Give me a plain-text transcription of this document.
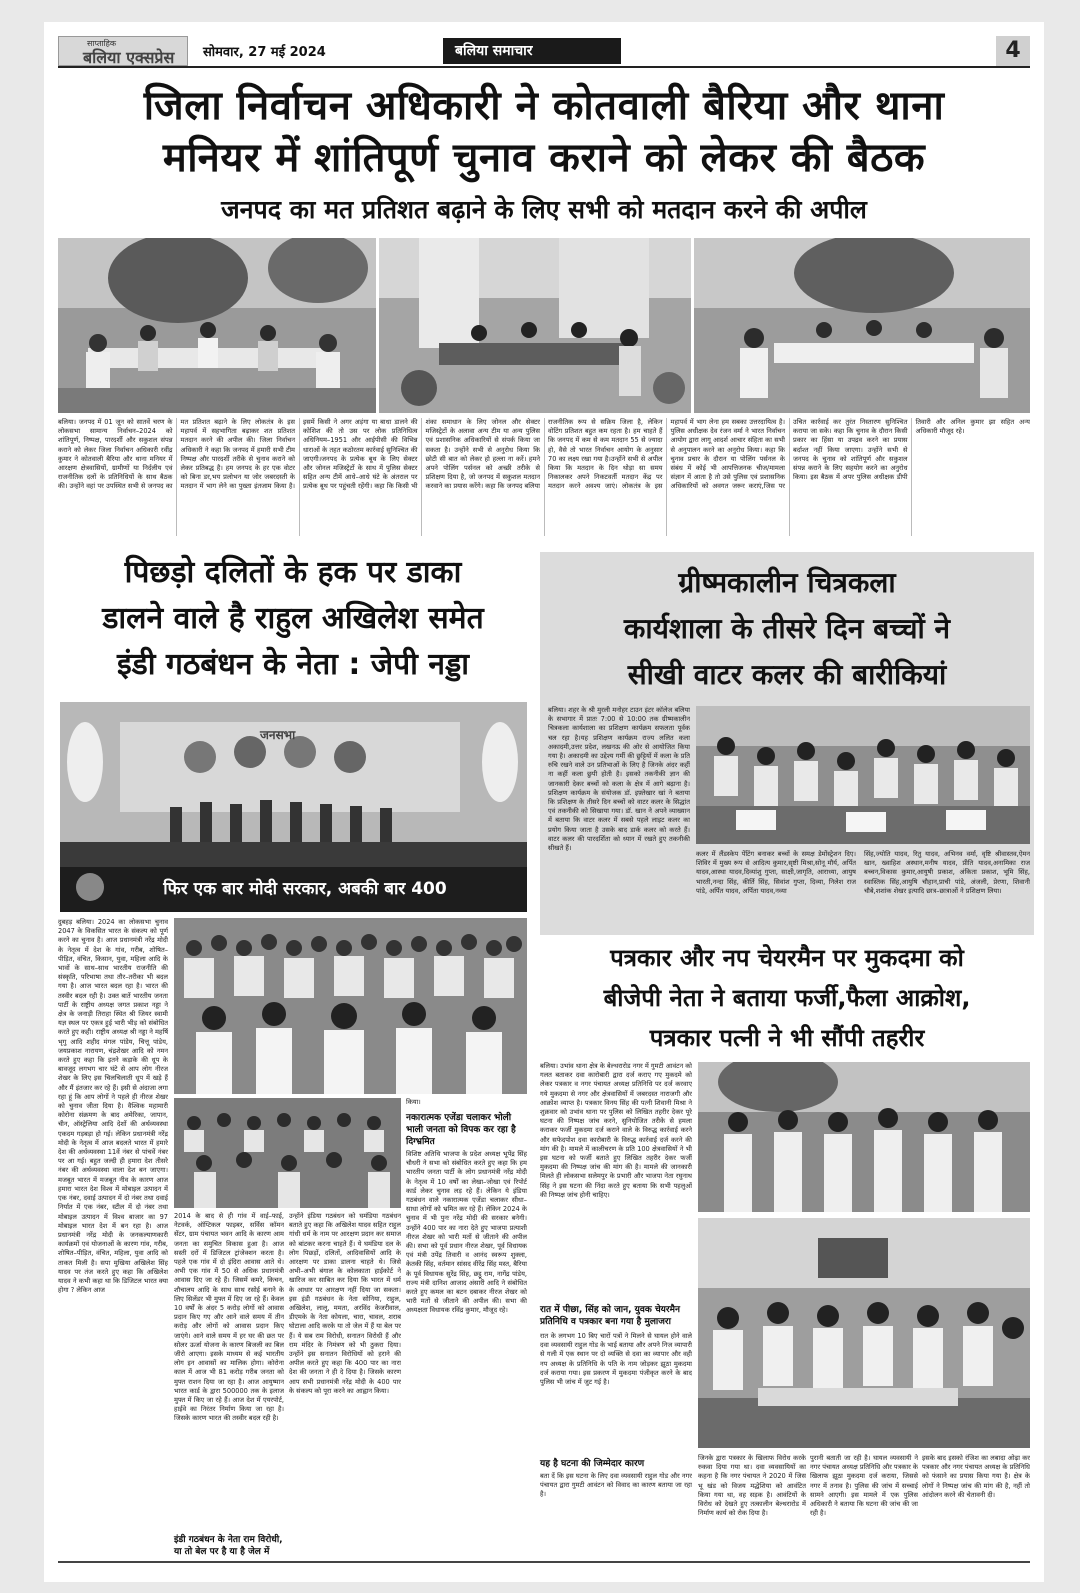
साप्ताहिक
बलिया एक्सप्रेस सोमवार, 27 मई 2024	बलिया समाचार	4
जिला निर्वाचन अधिकारी ने कोतवाली बैरिया और थाना
मनियर में शांतिपूर्ण चुनाव कराने को लेकर की बैठक
जनपद का मत प्रतिशत बढ़ाने के लिए सभी को मतदान करने की अपील
बलिया। जनपद में 01 जून को सातवें चरण के लोकसभा सामान्य निर्वाचन–2024 को शांतिपूर्ण, निष्पक्ष, पारदर्शी और सकुशल संपन्न कराने को लेकर जिला निर्वाचन अधिकारी रवींद्र कुमार ने कोतवाली बैरिया और थाना मनियर में आरक्षण क्षेत्रवासियों, ग्रामीणों या निर्दलीय एवं राजनीतिक दलों के प्रतिनिधियों के साथ बैठक की। उन्होंने वहां पर उपस्थित सभी से जनपद का मत प्रतिशत बढ़ाने के लिए लोकतंत्र के इस महापर्व में सहभागिता बढ़ाकर शत प्रतिशत मतदान करने की अपील की। जिला निर्वाचन अधिकारी ने कहा कि जनपद में हमारी सभी टीम निष्पक्ष और पारदर्शी तरीके से चुनाव कराने को लेकर प्रतिबद्ध है। हम जनपद के हर एक वोटर को बिना डर,भय प्रलोभन या जोर जबरदस्ती के मतदान में भाग लेने का पुख्ता इंतजाम किया है। इसमें किसी ने अगर अड़ंगा या बाधा डालने की कोशिश की तो उस पर लोक प्रतिनिधित्व अधिनियम–1951 और आईपीसी की विभिन्न धाराओं के तहत कठोरतम कार्रवाई सुनिश्चित की जाएगी।जनपद के प्रत्येक बूथ के लिए सेक्टर और जोनल मजिस्ट्रेटों के साथ में पुलिस सेक्टर सहित अन्य टीमें आधे–आधे घंटे के अंतराल पर प्रत्येक बूथ पर पहुंचती रहेंगी। कहा कि किसी भी शंका समाधान के लिए जोनल और सेक्टर मजिस्ट्रेटों के अलावा अन्य टीम या अन्य पुलिस एवं प्रशासनिक अधिकारियों से संपर्क किया जा सकता है। उन्होंने सभी से अनुरोध किया कि छोटी सी बात को लेकर हो हल्ला ना करें। हमने अपने पोलिंग पर्सनल को अच्छी तरीके से प्रशिक्षण दिया है, जो जनपद में सकुशल मतदान करवाने का प्रयास करेंगे। कहा कि जनपद बलिया राजनीतिक रूप से सक्रिय जिला है, लेकिन वोटिंग प्रतिशत बहुत कम रहता है। हम चाहते हैं कि जनपद में कम से कम मतदान 55 से ज्यादा हो, वैसे तो भारत निर्वाचन आयोग के अनुसार 70 का लक्ष्य रखा गया है।उन्होंने सभी से अपील किया कि मतदान के दिन थोड़ा सा समय निकालकर अपने निकटवर्ती मतदान केंद्र पर मतदान करने अवश्य जाएं। लोकतंत्र के इस महापर्व में भाग लेना हम सबका उत्तरदायित्व है। पुलिस अधीक्षक देव रंजन वर्मा ने भारत निर्वाचन आयोग द्वारा लागू आदर्श आचार संहिता का सभी से अनुपालन करने का अनुरोध किया। कहा कि चुनाव प्रचार के दौरान या पोलिंग पर्सनल के संबंध में कोई भी आपत्तिजनक चीज/मामला संज्ञान में आता है तो उसे पुलिस एवं प्रशासनिक अधिकारियों को अवगत जरूर कराएं,जिस पर उचित कार्रवाई कर तुरंत निस्तारण सुनिश्चित कराया जा सके। कहा कि चुनाव के दौरान किसी प्रकार का हिंसा या उपद्रव करने का प्रयास बर्दाश्त नहीं किया जाएगा। उन्होंने सभी से जनपद के चुनाव को शांतिपूर्ण और सकुशल संपन्न कराने के लिए सहयोग करने का अनुरोध किया। इस बैठक में अपर पुलिस अधीक्षक डीपी तिवारी और अनिल कुमार झा सहित अन्य अधिकारी मौजूद रहे।
पिछड़ो दलितों के हक पर डाका
डालने वाले है राहुल अखिलेश समेत
इंडी गठबंधन के नेता : जेपी नड्डा
जनसभा
फिर एक बार मोदी सरकार, अबकी बार 400
दुबहड़ बलिया। 2024 का लोकसभा चुनाव 2047 के विकसित भारत के संकल्प को पूर्ण करने का चुनाव है। आज प्रधानमंत्री नरेंद्र मोदी के नेतृत्व में देश के गांव, गरीब, शोषित–पीड़ित, वंचित, किसान, युवा, महिला आदि के भावों के साथ–साथ भारतीय राजनीति की संस्कृति, परिभाषा तथा तौर–तरीका भी बदल गया है। आज भारत बदल रहा है। भारत की तस्वीर बदल रही है। उक्त बातें भारतीय जनता पार्टी के राष्ट्रीय अध्यक्ष जगत प्रकाश नड्डा ने क्षेत्र के जनाड़ी तिराहा स्थित श्री जियर स्वामी यज्ञ स्थल पर एकत्र हुई भारी भीड़ को संबोधित करते हुए कही। राष्ट्रीय अध्यक्ष श्री नड्डा ने महर्षि भृगु आदि शहीद मंगल पांडेय, चित्तू पांडेय, जयप्रकाश नारायण, चंद्रशेखर आदि को नमन करते हुए कहा कि इतने कड़ाके की धूप के बावजूद लगभग चार घंटे से आप लोग नीरज शेखर के लिए इस चिलचिलाती धूप में खड़े हैं और मैं इंतजार कर रहे हैं। इसी से अंदाजा लगा रहा हूं कि आप लोगों ने पहले ही नीरज शेखर को चुनाव जीता दिया है। वैश्विक महामारी कोरोना संक्रमण के बाद अमेरिका, जापान, चीन, ऑस्ट्रेलिया आदि देशों की अर्थव्यवस्था एकदम गड़बड़ा हो गई। लेकिन प्रधानमंत्री नरेंद्र मोदी के नेतृत्व में आज बदलते भारत में हमारे देश की अर्थव्यवस्था 11वें नंबर से पांचवें नंबर पर आ गई। बहुत जल्दी ही हमारा देश तीसरे नंबर की अर्थव्यवस्था वाला देश बन जाएगा। मजबूत भारत में मजबूत नीव के कारण आज हमारा भारत देश विश्व में मोबाइल उत्पादन में एक नंबर, दवाई उत्पादन में दो नंबर तथा दवाई निर्यात में एक नंबर, स्टील में दो नंबर तथा मोबाइल उत्पादन में विश्व बाजार का 97 मोबाइल भारत देश में बन रहा है। आज प्रधानमंत्री नरेंद्र मोदी के जनकल्याणकारी कार्यक्रमों एवं योजनाओं के कारण गांव, गरीब, शोषित–पीड़ित, वंचित, महिला, युवा आदि को ताकत मिली है। सपा मुखिया अखिलेश सिंह यादव पर तंज करते हुए कहा कि अखिलेश यादव ने कभी कहा था कि डिजिटल भारत क्या होगा ? लेकिन आज
किया।
नकारात्मक एजेंडा चलाकर भोली भाली जनता को विपक कर रहा है दिग्भ्रमित
2014 के बाद से ही गांव में वाई–फाई, नेटवर्क, ऑप्टिकल फाइबर, सर्विस कॉमन सेंटर, ग्राम पंचायत भवन आदि के कारण आम जनता का समुचित विकास हुआ है। आज सस्ती दरों में डिजिटल ट्रांजेक्शन करता है। पहले एक गांव में दो इंदिरा आवास आते थे। अभी एक गांव में 50 से अधिक प्रधानमंत्री आवास दिए जा रहे हैं। जिसमें कमरे, किचन, शौचालय आदि के साथ साथ रसोई बनाने के लिए सिलेंडर भी मुफ्त में दिए जा रहे हैं। केवल 10 वर्षों के अंदर 5 करोड़ लोगों को आवास प्रदान किए गए और आने वाले समय में तीन करोड़ और लोगों को आवास प्रदान किए जाएंगे। आने वाले समय में हर घर की छत पर सोलर ऊर्जा योजना के कारण बिजली का बिल जीरो आएगा। इसके माध्यम से कई भारतीय लोग इन आवासों का मालिक होगा। कोरोना काल में आज भी 81 करोड़ गरीब जनता को मुफ्त राशन दिया जा रहा है। आज आयुष्मान भारत कार्ड के द्वारा 500000 तक के इलाज मुफ्त में किए जा रहे हैं। आज देश में एयरपोर्ट, हाईवे का निरंतर निर्माण किया जा रहा है। जिसके कारण भारत की तस्वीर बदल रही है।
इंडी गठबंधन के नेता राम विरोधी, या तो बेल पर है या है जेल में
उन्होंने इंडिया गठबंधन को घमंडिया गठबंधन बताते हुए कहा कि अखिलेश यादव सहित राहुल गांधी धर्म के नाम पर आरक्षण प्रदान कर समाज को बांटकर करना चाहते हैं। ये घमंडिया दल के लोग पिछड़ों, दलितों, आदिवासियों आदि के आरक्षण पर डाका डालना चाहते थे। जिसे अभी–अभी बंगाल के कोलकाता हाईकोर्ट ने खारिज कर साबित कर दिया कि भारत में धर्म के आधार पर आरक्षण नहीं दिया जा सकता। इस इंडी गठबंधन के नेता सोनिया, राहुल, अखिलेश, लालू, ममता, अरविंद केजरीवाल, डीएमके के नेता कोयला, चारा, चावल, शराब घोटाला आदि करके या तो जेल में हैं या बेल पर हैं। ये सब राम विरोधी, सनातन विरोधी हैं और राम मंदिर के निमंत्रण को भी ठुकरा दिया। उन्होंने इस सनातन विरोधियों को हराने की अपील करते हुए कहा कि 400 पार का नारा देश की जनता ने ही दे दिया है। जिसके कारण आप सभी प्रधानमंत्री नरेंद्र मोदी के 400 पार के संकल्प को पूरा करने का आह्वान किया।
विशिष्ट अतिथि भाजपा के प्रदेश अध्यक्ष भूपेंद्र सिंह चौधरी ने सभा को संबोधित करते हुए कहा कि हम भारतीय जनता पार्टी के लोग प्रधानमंत्री नरेंद्र मोदी के नेतृत्व में 10 वर्षों का लेखा–जोखा एवं रिपोर्ट कार्ड लेकर चुनाव लड़ रहे हैं। लेकिन ये इंडिया गठबंधन वाले नकारात्मक एजेंडा चलाकर सीधा–साधा लोगों को भ्रमित कर रहे हैं। लेकिन 2024 के चुनाव में भी पुनः नरेंद्र मोदी की सरकार बनेगी। उन्होंने 400 पार का नारा देते हुए भाजपा प्रत्याशी नीरज शेखर को भारी मतों से जीताने की अपील की। सभा को पूर्व प्रधान नीरज शेखर, पूर्व विधायक एवं मंत्री उपेंद्र तिवारी व आनंद स्वरूप शुक्ला, केतकी सिंह, वर्तमान सांसद वीरेंद्र सिंह मस्त, बैरिया के पूर्व विधायक सुरेंद्र सिंह, छट्ठू राम, नागेंद्र पांडेय, राज्य मंत्री दानिश आजाद अंसारी आदि ने संबोधित करते हुए कमल का बटन दबाकर नीरज शेखर को भारी मतों से जीताने की अपील की। सभा की अध्यक्षता विधायक रविंद्र कुमार, मौजूद रहे।
ग्रीष्मकालीन चित्रकला
कार्यशाला के तीसरे दिन बच्चों ने
सीखी वाटर कलर की बारीकियां
बलिया। शहर के श्री मुरली मनोहर टाउन इंटर कॉलेज बलिया के सभागार में प्रातः 7:00 से 10:00 तक ग्रीष्मकालीन चित्रकला कार्यशाला का प्रशिक्षण कार्यक्रम सफलता पूर्वक चल रहा है।यह प्रशिक्षण कार्यक्रम राज्य ललित कला अकादमी,उत्तर प्रदेश, लखनऊ की ओर से आयोजित किया गया है। अकादमी का उद्देश्य गर्मी की छुट्टियों में कला के प्रति रुचि रखने वाले उन प्रतिभाओं के लिए है जिनके अंदर कहीं ना कहीं कला छुपी होती है। इसको तकनीकी ज्ञान की जानकारी देकर बच्चों को कला के क्षेत्र में आगे बढ़ाना है। प्रशिक्षण कार्यक्रम के संयोजक डॉ. इफ़्तेखार खां ने बताया कि प्रशिक्षण के तीसरे दिन बच्चों को वाटर कलर के सिद्धांत एवं तकनीकी को सिखाया गया। डॉ. खान ने अपने व्याख्यान में बताया कि वाटर कलर में सबसे पहले लाइट कलर का प्रयोग किया जाता है उसके बाद डार्क कलर को करते हैं। वाटर कलर की पारदर्शिता को ध्यान में रखते हुए तकनीकी सीखते हैं।
कलर में लैंडस्केप पेंटिंग बनाकर बच्चों के समक्ष डेमोंस्ट्रेशन दिए। शिविर में मुख्य रूप से आदित्य कुमार,सृष्टी मिश्रा,सोनू मौर्य, अर्पित यादव,आस्था यादव,दिव्यांशु गुप्ता, साक्षी,जागृति, आराध्या, आयुष भारती,नन्दा सिंह, कीर्ति सिंह, सिवांश गुप्ता, दिव्या, निलेश राज पांडे, अर्पित यादव, अर्पिता यादव,नव्या
सिंह,ज्योति यादव, रितु यादव, अभिनव वर्मा, वृष्टि श्रीवास्तव,ऐमन खान, ख्वाहिश अस्थान,मनीष यादव, प्रीति यादव,अनामिका राज बच्चन,विकास कुमार,आयुषी प्रकाश, अंकिता प्रकाश, भूमि सिंह, स्वास्तिक सिंह,आयुषि चौहान,प्राची पांडे, अंजली, प्रेरणा, शिवानी चौबे,शशांक शेखर इत्यादि छात्र–छात्राओं ने प्रशिक्षण लिया।
पत्रकार और नप चेयरमैन पर मुकदमा को
बीजेपी नेता ने बताया फर्जी,फैला आक्रोश,
पत्रकार पत्नी ने भी सौंपी तहरीर
बलिया। उभांव थाना क्षेत्र के बेल्थरारोड नगर में गुमटी आवंटन को गलत बताकर दवा कारोबारी द्वारा दर्ज कराए गए मुकदमे को लेकर पत्रकार व नगर पंचायत अध्यक्ष प्रतिनिधि पर दर्ज करवाए गये मुकदमा से नगर और क्षेत्रवासियों में जबरदस्त नाराजगी और आक्रोश व्याप्त है। पत्रकार विनय सिंह की पत्नी शिवानी मिश्रा ने शुक्रवार को उभांव थाना पर पुलिस को लिखित तहरीर देकर पूरे घटना की निष्पक्ष जांच करने, सुनियोजित तरीके से हमला कराकर फर्जी मुकदमा दर्ज कराने वाले के विरुद्ध कार्रवाई करने और सफेदपोश दवा कारोबारी के विरुद्ध कार्रवाई दर्ज करने की मांग की है। मामले में कालीचरण के प्रति 100 क्षेत्रवासियों ने भी इस घटना को फर्जी बताते हुए लिखित तहरीर देकर फर्जी मुकदमा की निष्पक्ष जांच की मांग की है। मामले की जानकारी मिलते ही लोकसभा सलेमपुर के प्रभारी और भाजपा नेता रघुनाथ सिंह ने इस घटना की निंदा करते हुए बताया कि सभी पहलुओं की निष्पक्ष जांच होनी चाहिए।
रात में पीछा, सिंह को जान, युवक चेयरमैन प्रतिनिधि व पत्रकार बना गया है मुलाजरा
रात के लगभग 10 बिए चारों पत्रों ने मिलने से घायल होने वाले दवा व्यवसायी राहुल गोड के भाई बताया और अपने निज व्यापारी से गली में एक स्थान पर दो व्यक्ति से दवा का व्यापार और वही नप अध्यक्ष के प्रतिनिधि के पति के नाम जोड़कर झूठा मुकदमा दर्ज कराया गया। इस प्रकरण में मुकदमा पंजीकृत करने के बाद पुलिस भी जांच में जुट गई है।
यह है घटना की जिम्मेदार कारण
बता दें कि इस घटना के लिए दवा व्यवसायी राहुल गोड और नगर पंचायत द्वारा गुमटी आवंटन को विवाद का कारण बताया जा रहा है।
जिनके द्वारा पत्रकार के खिलाफ विरोध करके रुकवा दिया गया था। दवा व्यवसायियों का कहना है कि नगर पंचायत ने 2020 में जिस भू खंड को विजय मद्धेशिया को आवंटित किया गया था, वह सड़क है। आवंटियों के विरोध को देखते हुए तत्कालीन बेल्थरारोड में निर्माण कार्य को रोक दिया है।
पुरानी बताती जा रही है। घायल व्यवसायी ने नगर पंचायत अध्यक्ष प्रतिनिधि और पत्रकार के खिलाफ झूठा मुकदमा दर्ज कराया, जिससे नगर में तनाव है। पुलिस की जांच में सच्चाई सामने आएगी। इस मामले में एक पुलिस अधिकारी ने बताया कि घटना की जांच की जा रही है।
इसके बाद इसको रंजिश का लबादा ओढ़ा कर पत्रकार और नगर पंचायत अध्यक्ष के प्रतिनिधि को फंसाने का प्रयास किया गया है। क्षेत्र के लोगों ने निष्पक्ष जांच की मांग की है, नहीं तो आंदोलन करने की चेतावनी दी।
